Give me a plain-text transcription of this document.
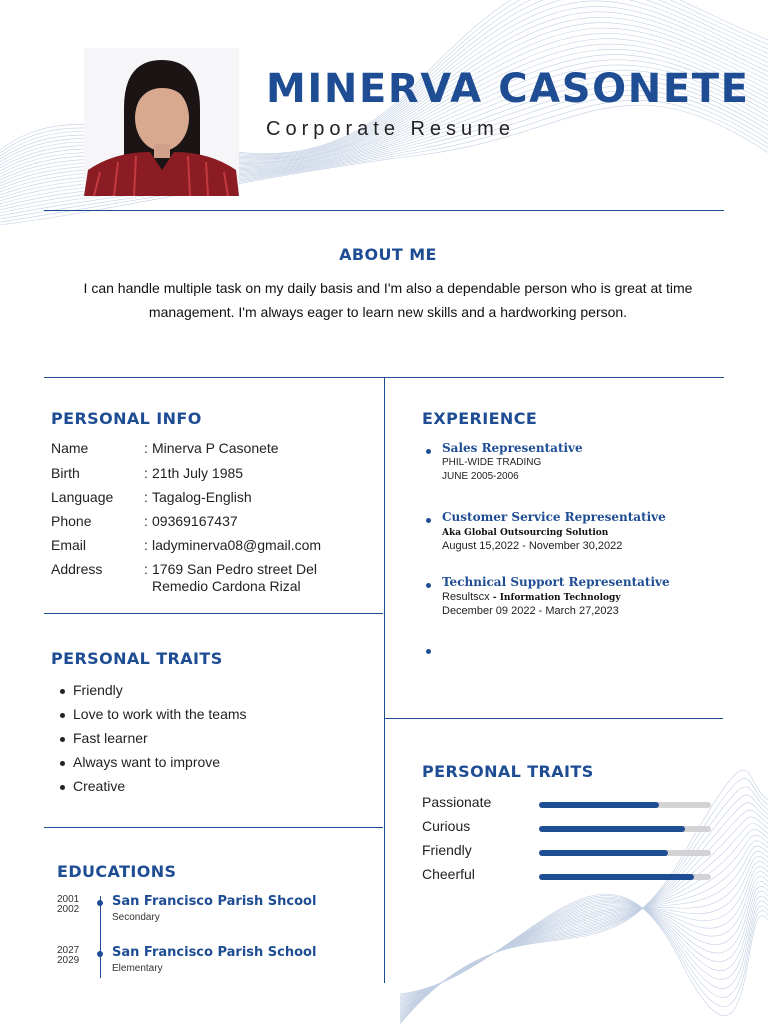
MINERVA CASONETE
Corporate Resume
ABOUT ME
I can handle multiple task on my daily basis and I'm also a dependable person who is great at time management. I'm always eager to learn new skills and a hardworking person.
PERSONAL INFO
Name	: Minerva P Casonete
Birth	: 21th July 1985
Language : Tagalog-English
Phone	: 09369167437
Email	: ladyminerva08@gmail.com
Address	: 1769 San Pedro street Del Remedio Cardona Rizal
PERSONAL TRAITS
Friendly
Love to work with the teams
Fast learner
Always want to improve
Creative
EDUCATIONS
2001
2002
San Francisco Parish Shcool
Secondary
2027
2029
San Francisco Parish School
Elementary
EXPERIENCE
Sales Representative
PHIL-WIDE TRADING
JUNE 2005-2006
Customer Service Representative
Aka Global Outsourcing Solution
August 15,2022 - November 30,2022
Technical Support Representative
Resultscx - Information Technology
December 09 2022 - March 27,2023
PERSONAL TRAITS
Passionate
Curious
Friendly
Cheerful
